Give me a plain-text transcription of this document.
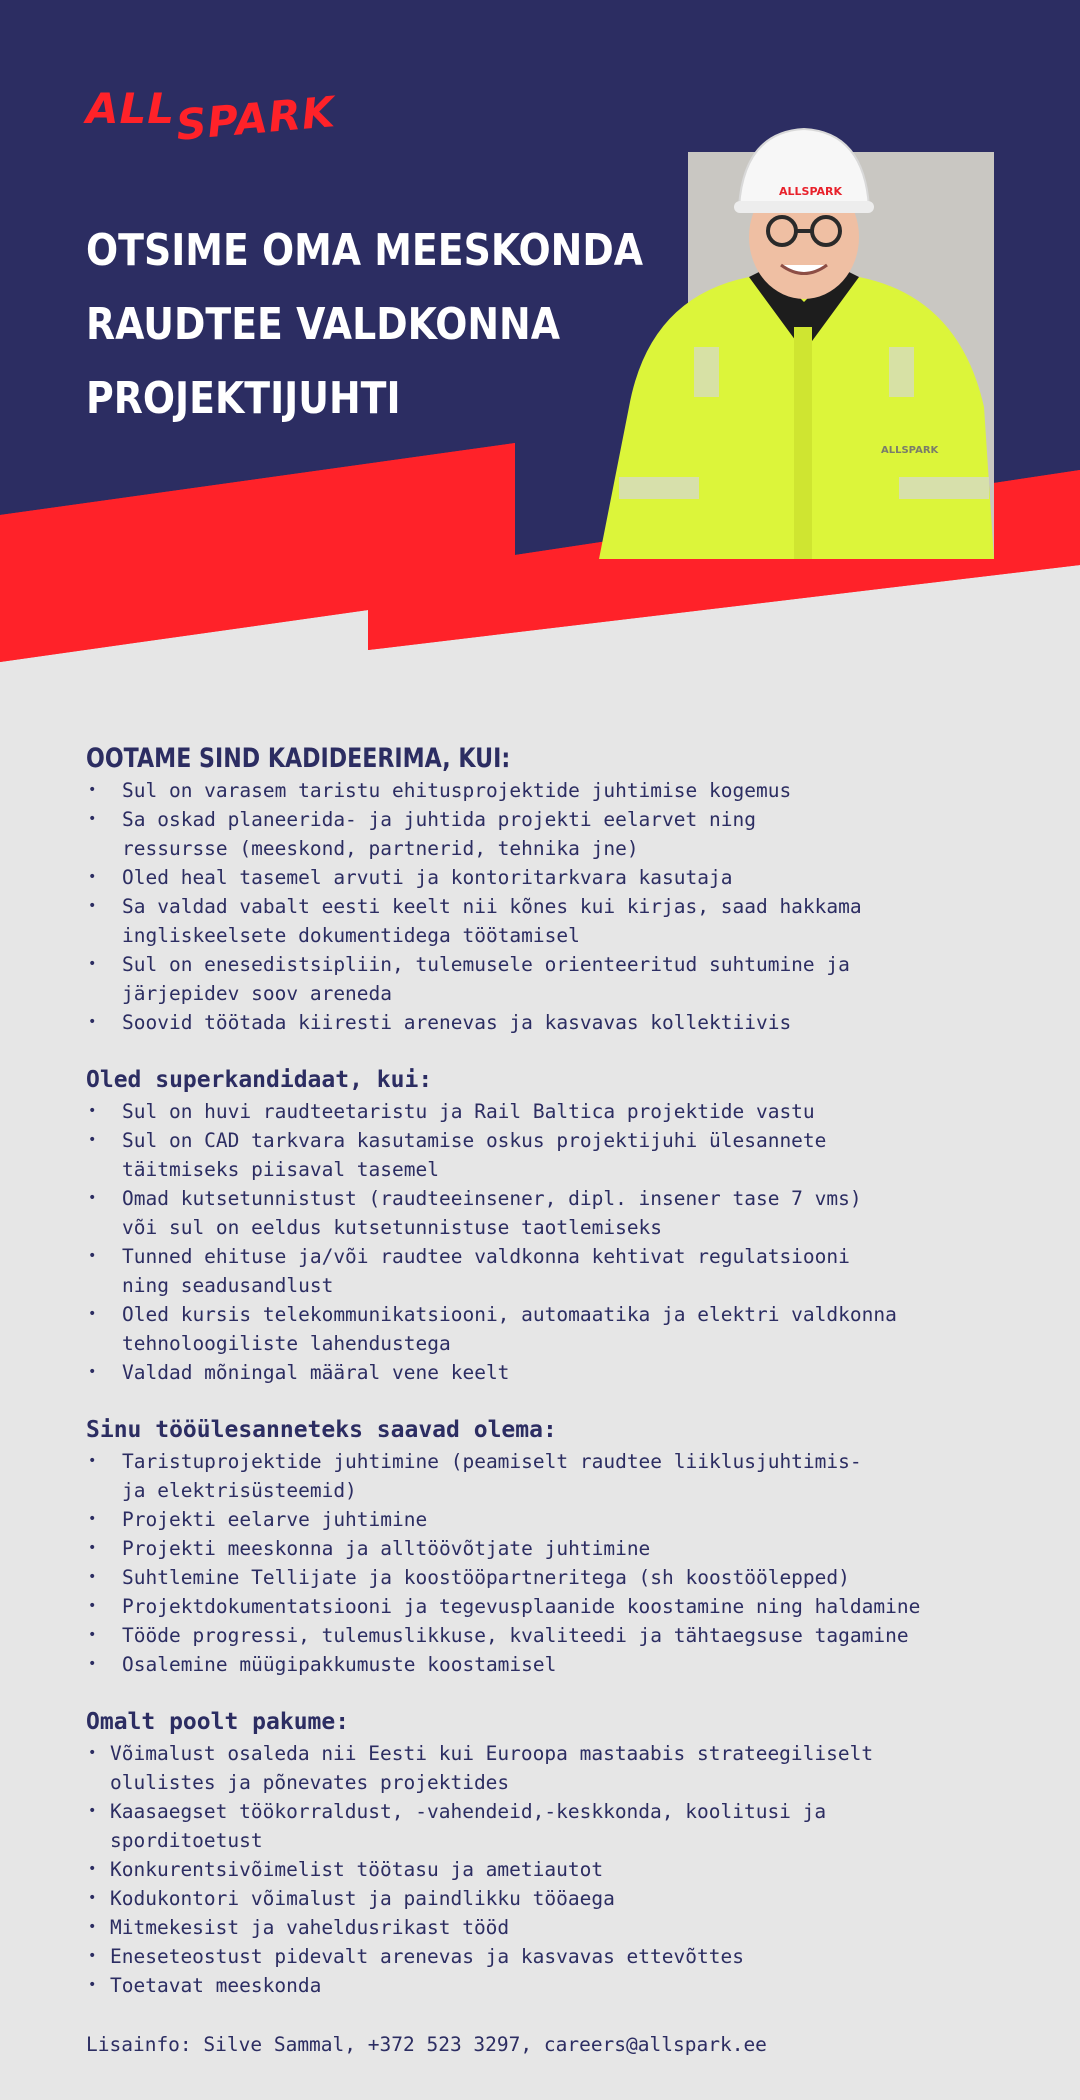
ALLSPARK
OTSIME OMA MEESKONDA
RAUDTEE VALDKONNA
PROJEKTIJUHTI
ALLSPARK
ALLSPARK
OOTAME SIND KADIDEERIMA, KUI:
• Sul on varasem taristu ehitusprojektide juhtimise kogemus
• Sa oskad planeerida- ja juhtida projekti eelarvet ning
ressursse (meeskond, partnerid, tehnika jne)
• Oled heal tasemel arvuti ja kontoritarkvara kasutaja
• Sa valdad vabalt eesti keelt nii kõnes kui kirjas, saad hakkama
ingliskeelsete dokumentidega töötamisel
• Sul on enesedistsipliin, tulemusele orienteeritud suhtumine ja
järjepidev soov areneda
• Soovid töötada kiiresti arenevas ja kasvavas kollektiivis
Oled superkandidaat, kui:
• Sul on huvi raudteetaristu ja Rail Baltica projektide vastu
• Sul on CAD tarkvara kasutamise oskus projektijuhi ülesannete
täitmiseks piisaval tasemel
• Omad kutsetunnistust (raudteeinsener, dipl. insener tase 7 vms)
või sul on eeldus kutsetunnistuse taotlemiseks
• Tunned ehituse ja/või raudtee valdkonna kehtivat regulatsiooni
ning seadusandlust
• Oled kursis telekommunikatsiooni, automaatika ja elektri valdkonna
tehnoloogiliste lahendustega
• Valdad mõningal määral vene keelt
Sinu tööülesanneteks saavad olema:
• Taristuprojektide juhtimine (peamiselt raudtee liiklusjuhtimis-
ja elektrisüsteemid)
• Projekti eelarve juhtimine
• Projekti meeskonna ja alltöövõtjate juhtimine
• Suhtlemine Tellijate ja koostööpartneritega (sh koostöölepped)
• Projektdokumentatsiooni ja tegevusplaanide koostamine ning haldamine
• Tööde progressi, tulemuslikkuse, kvaliteedi ja tähtaegsuse tagamine
• Osalemine müügipakkumuste koostamisel
Omalt poolt pakume:
• Võimalust osaleda nii Eesti kui Euroopa mastaabis strateegiliselt
olulistes ja põnevates projektides
• Kaasaegset töökorraldust, -vahendeid,-keskkonda, koolitusi ja
sporditoetust
• Konkurentsivõimelist töötasu ja ametiautot
• Kodukontori võimalust ja paindlikku tööaega
• Mitmekesist ja vaheldusrikast tööd
• Eneseteostust pidevalt arenevas ja kasvavas ettevõttes
• Toetavat meeskonda
Lisainfo: Silve Sammal, +372 523 3297, careers@allspark.ee
